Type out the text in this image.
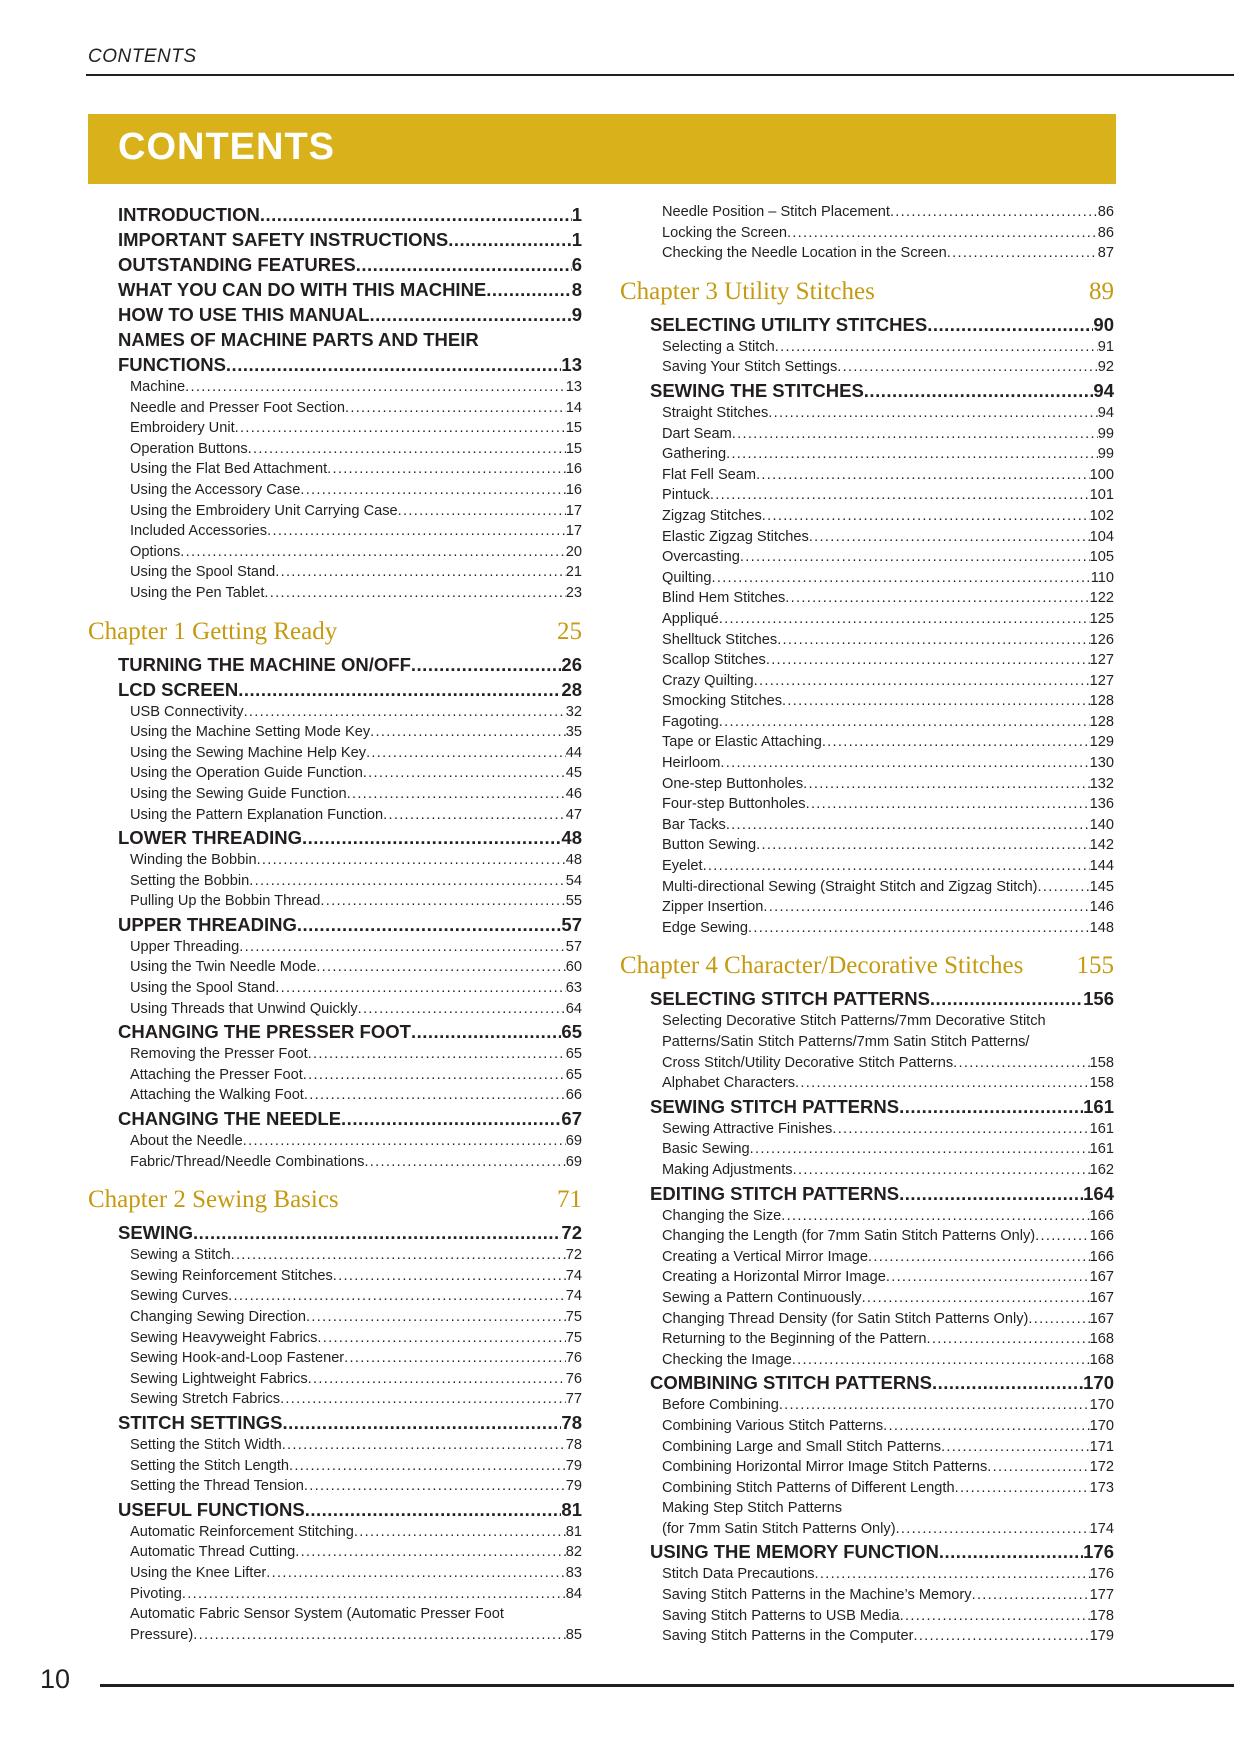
CONTENTS
CONTENTS
INTRODUCTION .....	1
IMPORTANT SAFETY INSTRUCTIONS .....	1
OUTSTANDING FEATURES .....	6
WHAT YOU CAN DO WITH THIS MACHINE .....	8
HOW TO USE THIS MANUAL .....	9
NAMES OF MACHINE PARTS AND THEIR
FUNCTIONS .....	13
Machine .....	13
Needle and Presser Foot Section .....	14
Embroidery Unit .....	15
Operation Buttons .....	15
Using the Flat Bed Attachment .....	16
Using the Accessory Case .....	16
Using the Embroidery Unit Carrying Case .....	17
Included Accessories .....	17
Options .....	20
Using the Spool Stand .....	21
Using the Pen Tablet .....	23
Chapter 1 Getting Ready	25
TURNING THE MACHINE ON/OFF .....	26
LCD SCREEN .....	28
USB Connectivity .....	32
Using the Machine Setting Mode Key .....	35
Using the Sewing Machine Help Key .....	44
Using the Operation Guide Function .....	45
Using the Sewing Guide Function .....	46
Using the Pattern Explanation Function .....	47
LOWER THREADING .....	48
Winding the Bobbin .....	48
Setting the Bobbin .....	54
Pulling Up the Bobbin Thread .....	55
UPPER THREADING .....	57
Upper Threading .....	57
Using the Twin Needle Mode .....	60
Using the Spool Stand .....	63
Using Threads that Unwind Quickly .....	64
CHANGING THE PRESSER FOOT .....	65
Removing the Presser Foot .....	65
Attaching the Presser Foot .....	65
Attaching the Walking Foot .....	66
CHANGING THE NEEDLE .....	67
About the Needle .....	69
Fabric/Thread/Needle Combinations .....	69
Chapter 2 Sewing Basics	71
SEWING .....	72
Sewing a Stitch .....	72
Sewing Reinforcement Stitches .....	74
Sewing Curves .....	74
Changing Sewing Direction .....	75
Sewing Heavyweight Fabrics .....	75
Sewing Hook-and-Loop Fastener .....	76
Sewing Lightweight Fabrics .....	76
Sewing Stretch Fabrics .....	77
STITCH SETTINGS .....	78
Setting the Stitch Width .....	78
Setting the Stitch Length .....	79
Setting the Thread Tension .....	79
USEFUL FUNCTIONS .....	81
Automatic Reinforcement Stitching .....	81
Automatic Thread Cutting .....	82
Using the Knee Lifter .....	83
Pivoting .....	84
Automatic Fabric Sensor System (Automatic Presser Foot
Pressure) .....	85
Needle Position – Stitch Placement .....	86
Locking the Screen .....	86
Checking the Needle Location in the Screen .....	87
Chapter 3 Utility Stitches	89
SELECTING UTILITY STITCHES .....	90
Selecting a Stitch .....	91
Saving Your Stitch Settings .....	92
SEWING THE STITCHES .....	94
Straight Stitches .....	94
Dart Seam .....	99
Gathering .....	99
Flat Fell Seam .....	100
Pintuck .....	101
Zigzag Stitches .....	102
Elastic Zigzag Stitches .....	104
Overcasting .....	105
Quilting .....	110
Blind Hem Stitches .....	122
Appliqué .....	125
Shelltuck Stitches .....	126
Scallop Stitches .....	127
Crazy Quilting .....	127
Smocking Stitches .....	128
Fagoting .....	128
Tape or Elastic Attaching .....	129
Heirloom .....	130
One-step Buttonholes .....	132
Four-step Buttonholes .....	136
Bar Tacks .....	140
Button Sewing .....	142
Eyelet .....	144
Multi-directional Sewing (Straight Stitch and Zigzag Stitch) .....	145
Zipper Insertion .....	146
Edge Sewing .....	148
Chapter 4 Character/Decorative Stitches 155
SELECTING STITCH PATTERNS .....	156
Selecting Decorative Stitch Patterns/7mm Decorative Stitch
Patterns/Satin Stitch Patterns/7mm Satin Stitch Patterns/
Cross Stitch/Utility Decorative Stitch Patterns .....	158
Alphabet Characters .....	158
SEWING STITCH PATTERNS .....	161
Sewing Attractive Finishes .....	161
Basic Sewing .....	161
Making Adjustments .....	162
EDITING STITCH PATTERNS .....	164
Changing the Size .....	166
Changing the Length (for 7mm Satin Stitch Patterns Only) .....	166
Creating a Vertical Mirror Image .....	166
Creating a Horizontal Mirror Image .....	167
Sewing a Pattern Continuously .....	167
Changing Thread Density (for Satin Stitch Patterns Only) .....	167
Returning to the Beginning of the Pattern .....	168
Checking the Image .....	168
COMBINING STITCH PATTERNS .....	170
Before Combining .....	170
Combining Various Stitch Patterns .....	170
Combining Large and Small Stitch Patterns .....	171
Combining Horizontal Mirror Image Stitch Patterns .....	172
Combining Stitch Patterns of Different Length .....	173
Making Step Stitch Patterns
(for 7mm Satin Stitch Patterns Only) .....	174
USING THE MEMORY FUNCTION .....	176
Stitch Data Precautions .....	176
Saving Stitch Patterns in the Machine’s Memory .....	177
Saving Stitch Patterns to USB Media .....	178
Saving Stitch Patterns in the Computer .....	179
10
